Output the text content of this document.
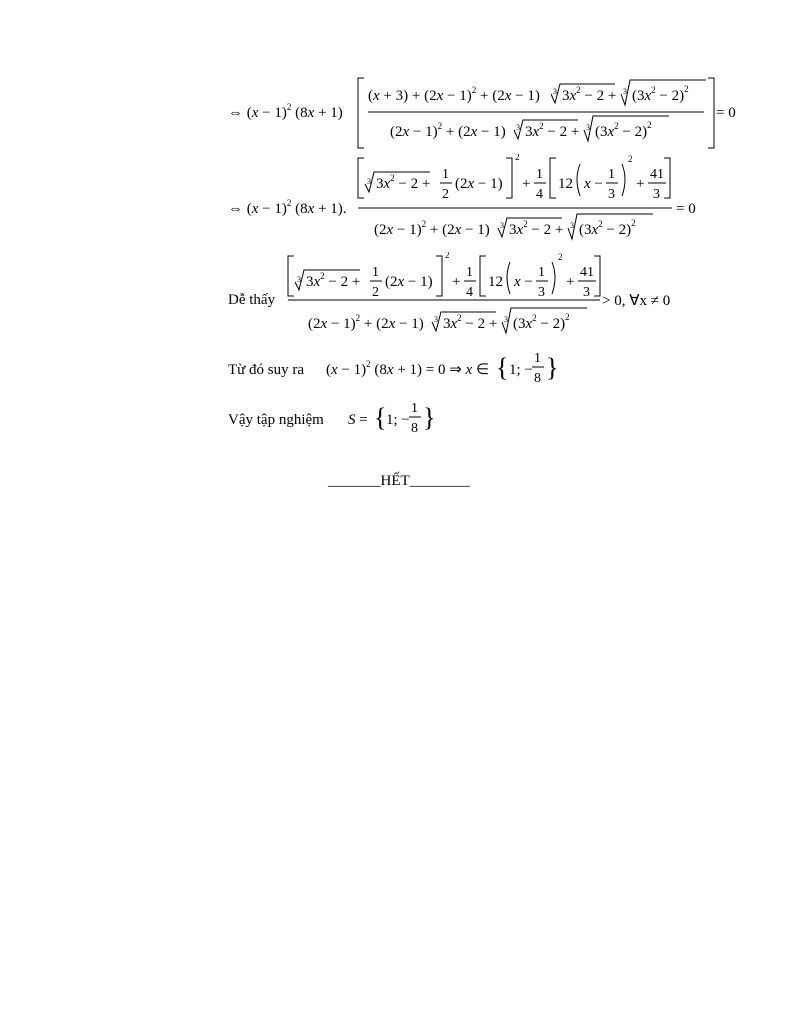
⇔ $(x - 1)^2$ (8x + 1)
$(x + 3) + (2x - 1)^2 + (2x - 1)$ 3 $3x^2 - 2 + 3$ $(3x^2 - 2)^2$
$(2x - 1)^2 + (2x - 1)$ 3 $3x^2 - 2 + 3$ $(3x^2 - 2)^2$
= 0
⇔ $(x - 1)^2$ (8x + 1).
3 $3x^2 - 2$ +
1
2
(2x − 1)
2
+
1
4
12 x −
1
3
2
+
41
3
= 0
$(2x - 1)^2 + (2x - 1)$ 3 $3x^2 - 2 + 3$ $(3x^2 - 2)^2$
Dễ thấy
3 $3x^2 - 2$ +
1
2
(2x − 1)
2
+
1
4
12 x −
1
3
2
+
41
3
> 0, ∀x ≠ 0
$(2x - 1)^2 + (2x - 1)$ 3 $3x^2 - 2 + 3$ $(3x^2 - 2)^2$
Từ đó suy ra $(x - 1)^2$ (8x + 1) = 0 ⇒ x ∈ { 1; −
1
8 }
Vậy tập nghiệm S = { 1; −
1
8 }
_______HẾT________
